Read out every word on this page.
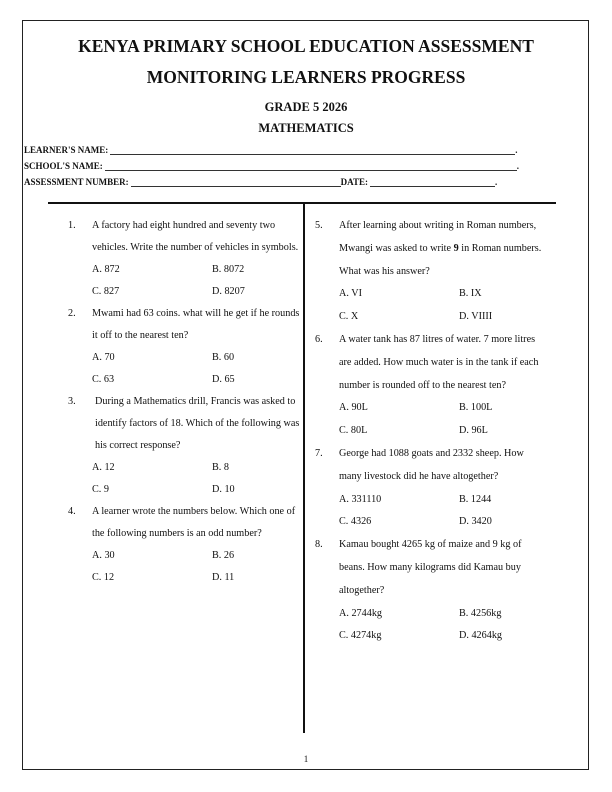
KENYA PRIMARY SCHOOL EDUCATION ASSESSMENT
MONITORING LEARNERS PROGRESS
GRADE 5 2026
MATHEMATICS
LEARNER'S NAME:	.
SCHOOL'S NAME:	.
ASSESSMENT NUMBER:	DATE:	.
1. A factory had eight hundred and seventy two vehicles. Write the number of vehicles in symbols.
A. 872	B. 8072
C. 827	D. 8207
2. Mwami had 63 coins. what will he get if he rounds it off to the nearest ten?
A. 70	B. 60
C. 63	D. 65
3. During a Mathematics drill, Francis was asked to identify factors of 18. Which of the following was his correct response?
A. 12	B. 8
C. 9	D. 10
4. A learner wrote the numbers below. Which one of the following numbers is an odd number?
A. 30	B. 26
C. 12	D. 11
5. After learning about writing in Roman numbers, Mwangi was asked to write 9 in Roman numbers. What was his answer?
A. VI	B. IX
C. X	D. VIIII
6. A water tank has 87 litres of water. 7 more litres are added. How much water is in the tank if each number is rounded off to the nearest ten?
A. 90L	B. 100L
C. 80L	D. 96L
7. George had 1088 goats and 2332 sheep. How many livestock did he have altogether?
A. 331110	B. 1244
C. 4326	D. 3420
8. Kamau bought 4265 kg of maize and 9 kg of beans. How many kilograms did Kamau buy altogether?
A. 2744kg	B. 4256kg
C. 4274kg	D. 4264kg
1
